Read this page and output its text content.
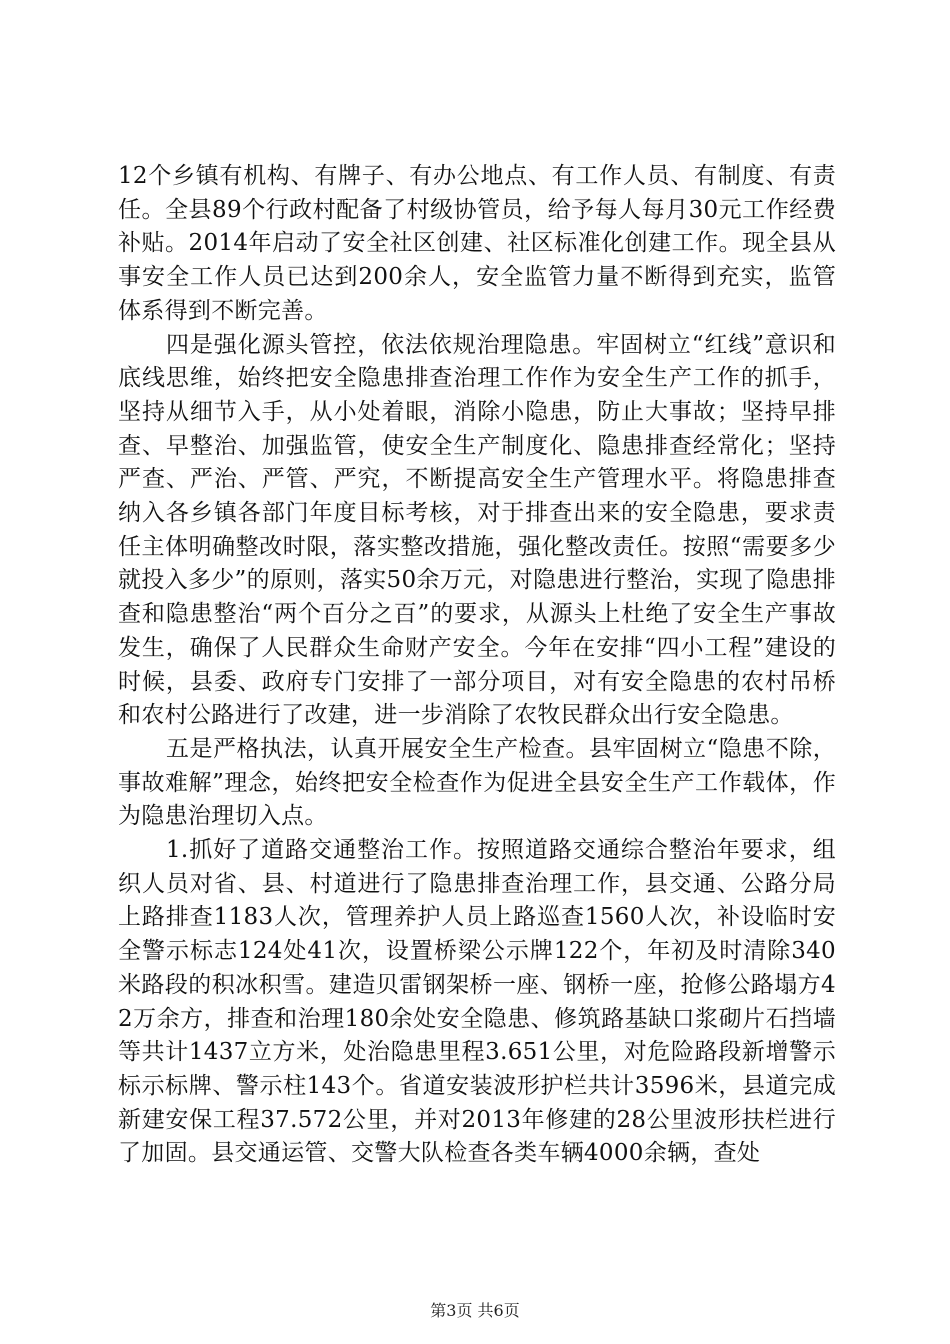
12个乡镇有机构、有牌子、有办公地点、有工作人员、有制度、有责任。全县89个行政村配备了村级协管员，给予每人每月30元工作经费补贴。2014年启动了安全社区创建、社区标准化创建工作。现全县从事安全工作人员已达到200余人，安全监管力量不断得到充实，监管体系得到不断完善。

四是强化源头管控，依法依规治理隐患。牢固树立“红线”意识和底线思维，始终把安全隐患排查治理工作作为安全生产工作的抓手，坚持从细节入手，从小处着眼，消除小隐患，防止大事故；坚持早排查、早整治、加强监管，使安全生产制度化、隐患排查经常化；坚持严查、严治、严管、严究，不断提高安全生产管理水平。将隐患排查纳入各乡镇各部门年度目标考核，对于排查出来的安全隐患，要求责任主体明确整改时限，落实整改措施，强化整改责任。按照“需要多少就投入多少”的原则，落实50余万元，对隐患进行整治，实现了隐患排查和隐患整治“两个百分之百”的要求，从源头上杜绝了安全生产事故发生，确保了人民群众生命财产安全。今年在安排“四小工程”建设的时候，县委、政府专门安排了一部分项目，对有安全隐患的农村吊桥和农村公路进行了改建，进一步消除了农牧民群众出行安全隐患。

五是严格执法，认真开展安全生产检查。县牢固树立“隐患不除，事故难解”理念，始终把安全检查作为促进全县安全生产工作载体，作为隐患治理切入点。

1.抓好了道路交通整治工作。按照道路交通综合整治年要求，组织人员对省、县、村道进行了隐患排查治理工作，县交通、公路分局上路排查1183人次，管理养护人员上路巡查1560人次，补设临时安全警示标志124处41次，设置桥梁公示牌122个，年初及时清除340米路段的积冰积雪。建造贝雷钢架桥一座、钢桥一座，抢修公路塌方42万余方，排查和治理180余处安全隐患、修筑路基缺口浆砌片石挡墙等共计1437立方米，处治隐患里程3.651公里，对危险路段新增警示标示标牌、警示柱143个。省道安装波形护栏共计3596米，县道完成新建安保工程37.572公里，并对2013年修建的28公里波形扶栏进行了加固。县交通运管、交警大队检查各类车辆4000余辆，查处

第3页 共6页
